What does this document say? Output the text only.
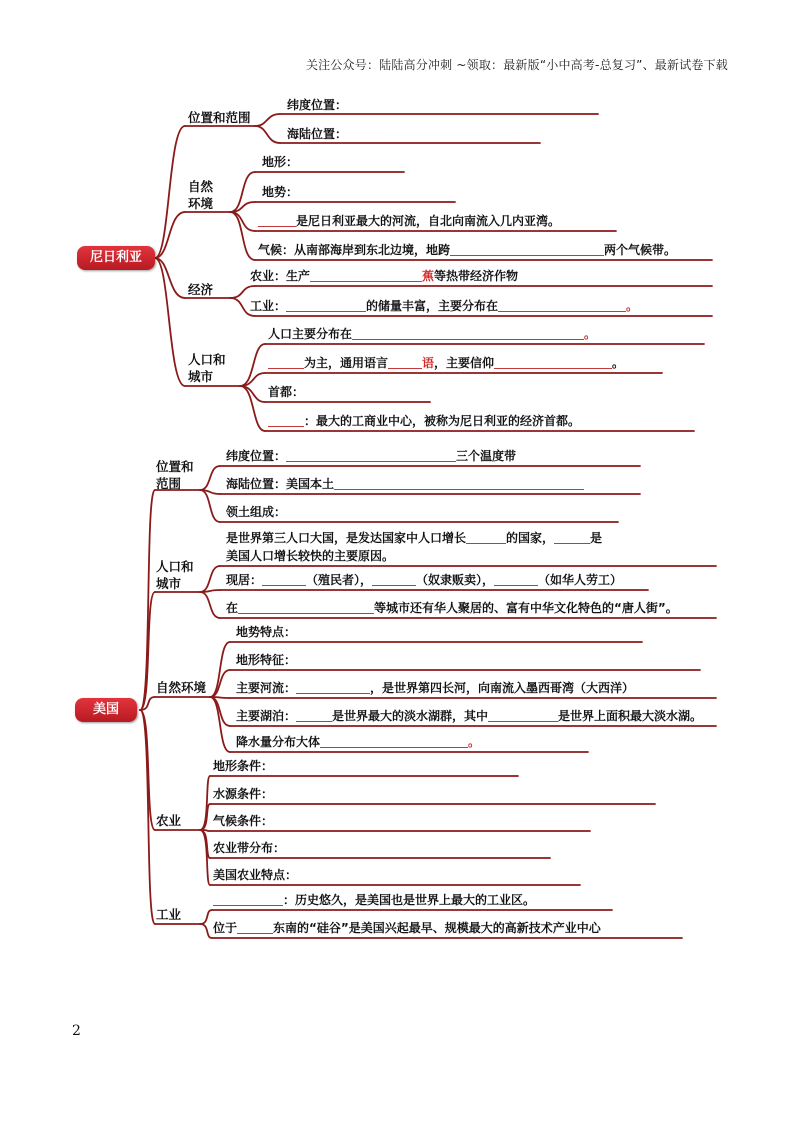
关注公众号：陆陆高分冲刺 ~领取：最新版“小中高考-总复习”、最新试卷下载
尼日利亚
位置和范围
纬度位置：
海陆位置：
自然
环境
地形：
地势：
是尼日利亚最大的河流，自北向南流入几内亚湾。
气候：从南部海岸到东北边境，地跨	两个气候带。
经济
农业：生产	蕉等热带经济作物
工业：	的储量丰富，主要分布在	。
人口和
城市
人口主要分布在	。
为主，通用语言	语，主要信仰	。
首都：
：最大的工商业中心，被称为尼日利亚的经济首都。
美国
位置和
范围
纬度位置：	三个温度带
海陆位置：美国本土
领土组成：
人口和
城市
是世界第三人口大国，是发达国家中人口增长	的国家，	是
美国人口增长较快的主要原因。
现居：	（殖民者），	（奴隶贩卖），	（如华人劳工）
在	等城市还有华人聚居的、富有中华文化特色的“唐人街”。
自然环境
地势特点：
地形特征：
主要河流：	，是世界第四长河，向南流入墨西哥湾（大西洋）
主要湖泊：	是世界最大的淡水湖群，其中	是世界上面积最大淡水湖。
降水量分布大体	。
农业
地形条件：
水源条件：
气候条件：
农业带分布：
美国农业特点：
工业
：历史悠久，是美国也是世界上最大的工业区。
位于	东南的“硅谷”是美国兴起最早、规模最大的高新技术产业中心
2
